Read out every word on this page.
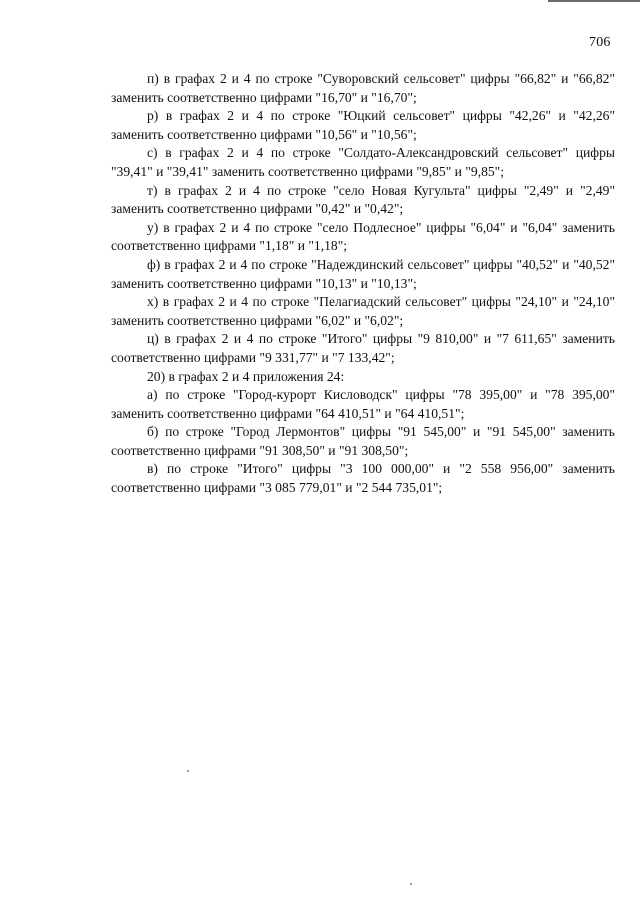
706

п) в графах 2 и 4 по строке "Суворовский сельсовет" цифры "66,82" и "66,82" заменить соответственно цифрами "16,70" и "16,70";

р) в графах 2 и 4 по строке "Юцкий сельсовет" цифры "42,26" и "42,26" заменить соответственно цифрами "10,56" и "10,56";

с) в графах 2 и 4 по строке "Солдато-Александровский сельсовет" цифры "39,41" и "39,41" заменить соответственно цифрами "9,85" и "9,85";

т) в графах 2 и 4 по строке "село Новая Кугульта" цифры "2,49" и "2,49" заменить соответственно цифрами "0,42" и "0,42";

у) в графах 2 и 4 по строке "село Подлесное" цифры "6,04" и "6,04" заменить соответственно цифрами "1,18" и "1,18";

ф) в графах 2 и 4 по строке "Надеждинский сельсовет" цифры "40,52" и "40,52" заменить соответственно цифрами "10,13" и "10,13";

х) в графах 2 и 4 по строке "Пелагиадский сельсовет" цифры "24,10" и "24,10" заменить соответственно цифрами "6,02" и "6,02";

ц) в графах 2 и 4 по строке "Итого" цифры "9 810,00" и "7 611,65" заменить соответственно цифрами "9 331,77" и "7 133,42";

20) в графах 2 и 4 приложения 24:

а) по строке "Город-курорт Кисловодск" цифры "78 395,00" и "78 395,00" заменить соответственно цифрами "64 410,51" и "64 410,51";

б) по строке "Город Лермонтов" цифры "91 545,00" и "91 545,00" заменить соответственно цифрами "91 308,50" и "91 308,50";

в) по строке "Итого" цифры "3 100 000,00" и "2 558 956,00" заменить соответственно цифрами "3 085 779,01" и "2 544 735,01";
